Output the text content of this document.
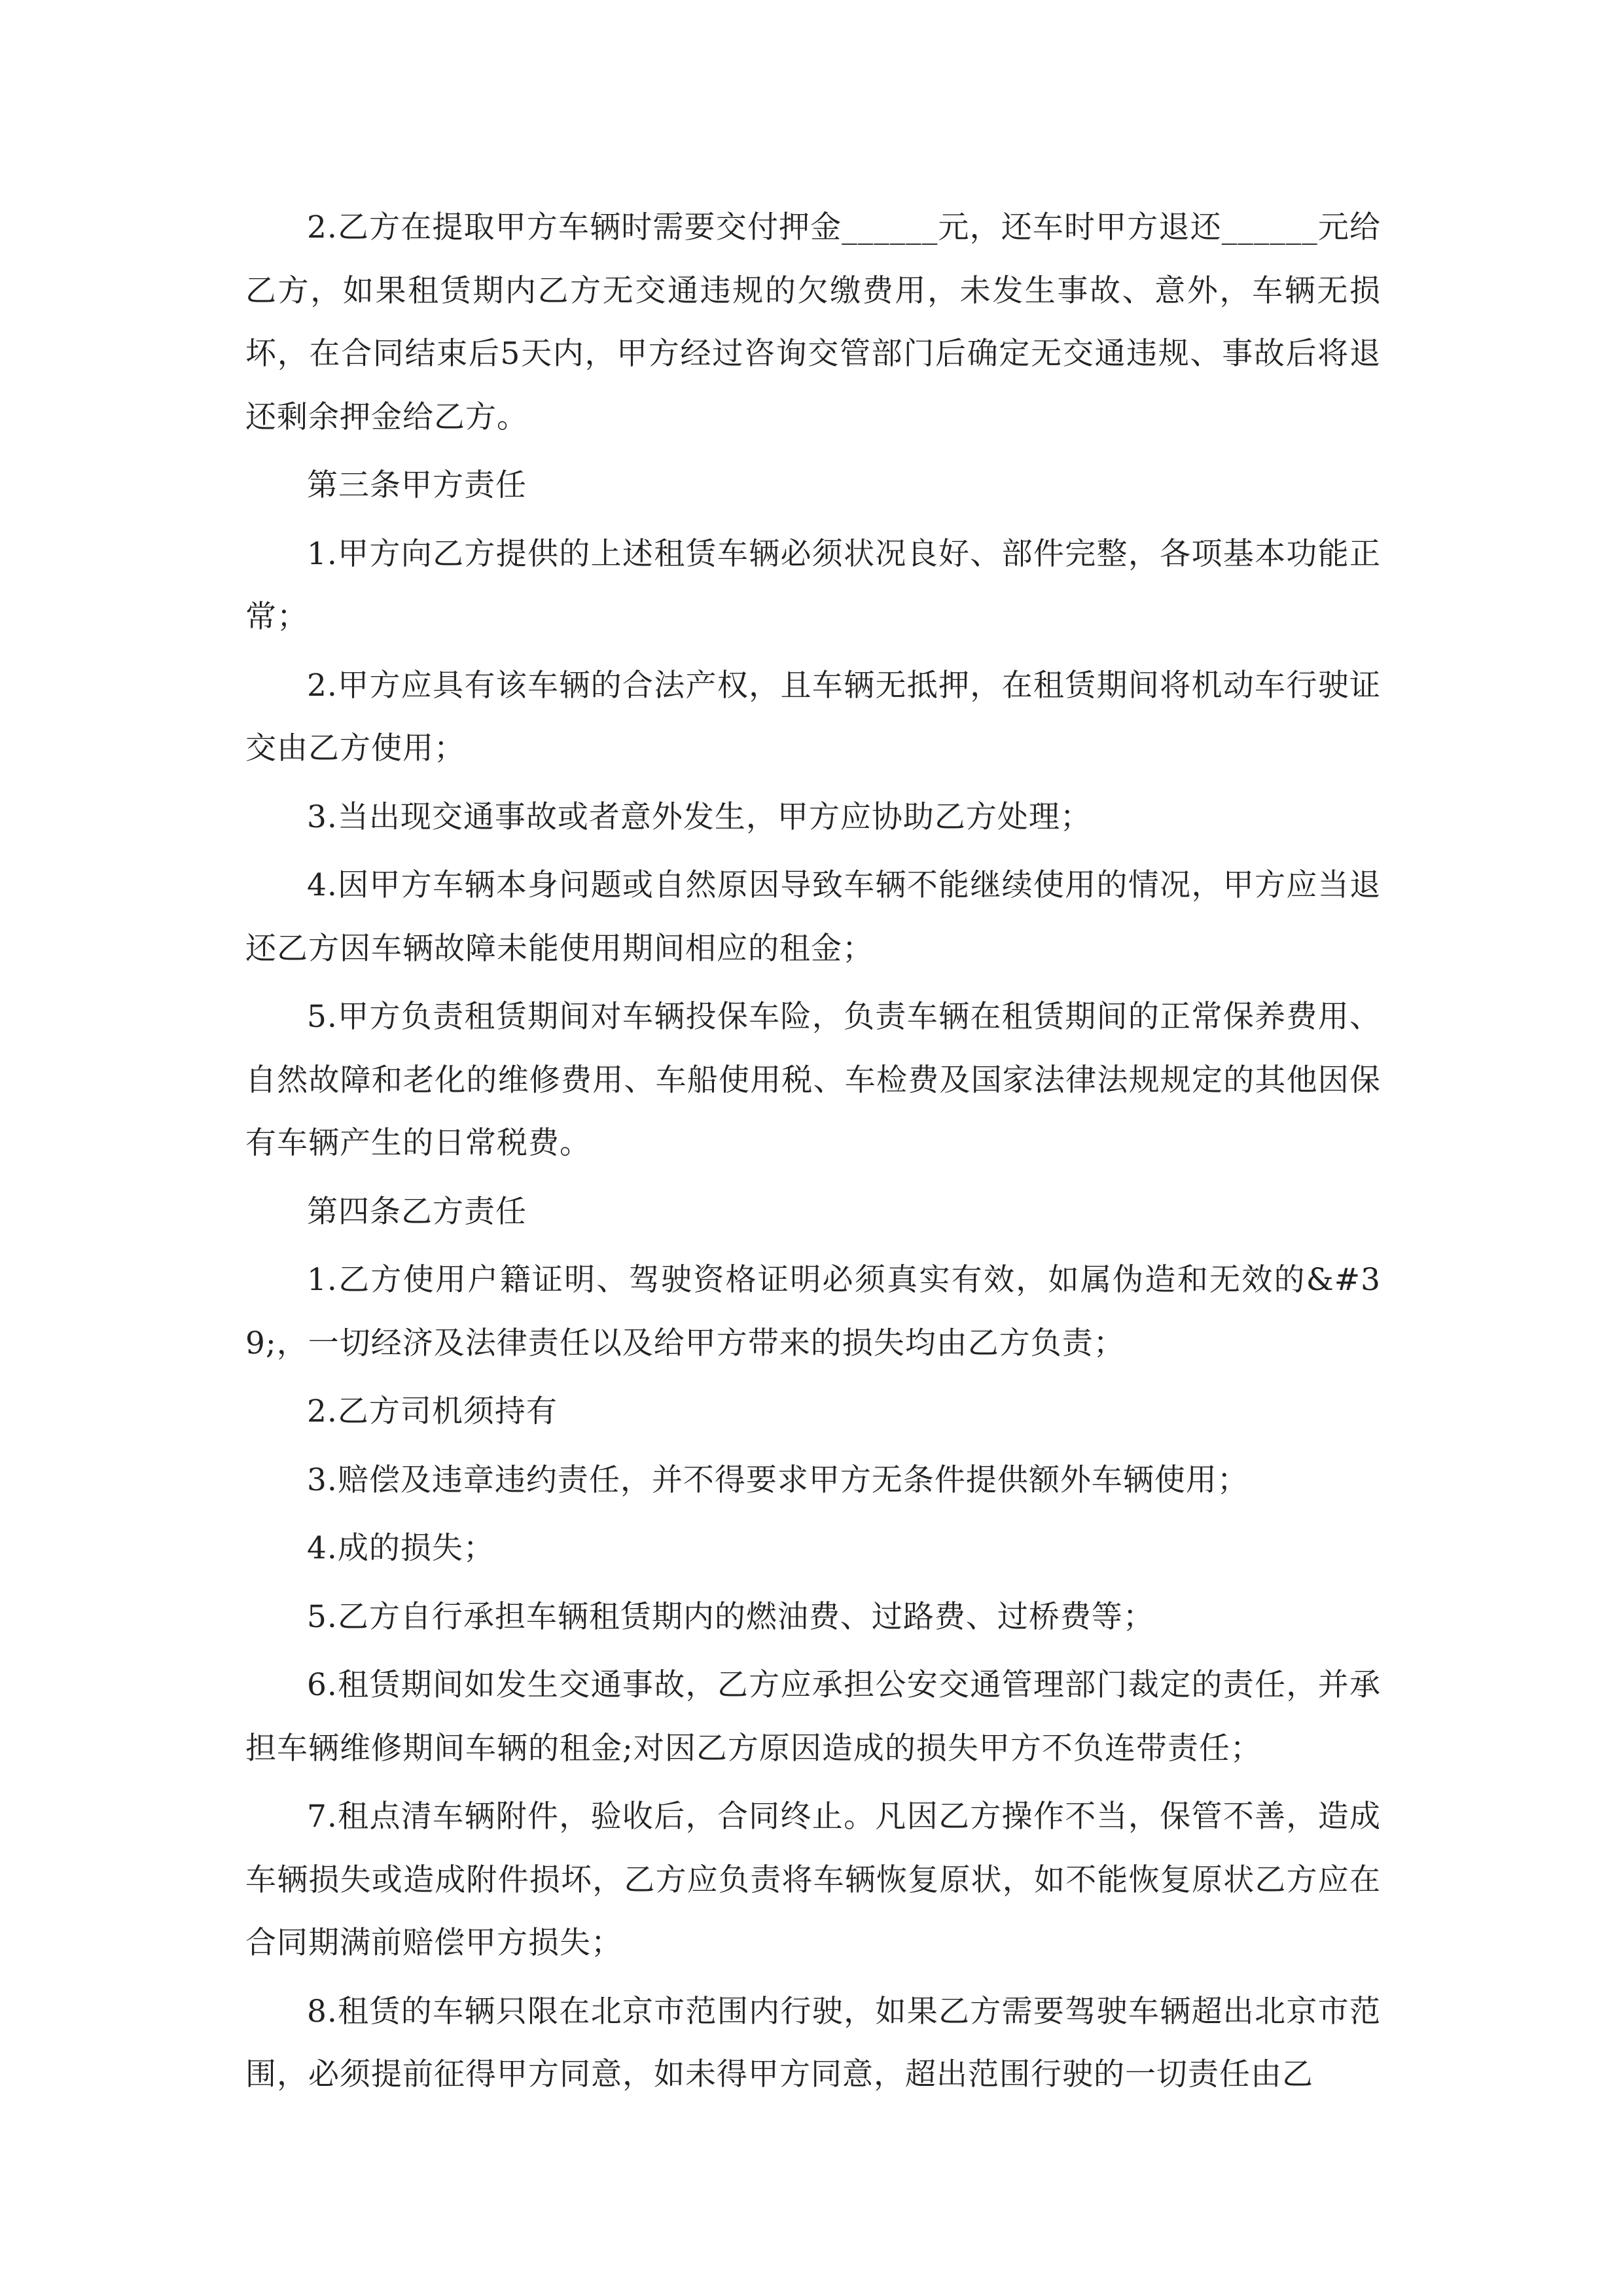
2.乙方在提取甲方车辆时需要交付押金______元，还车时甲方退还______元给乙方，如果租赁期内乙方无交通违规的欠缴费用，未发生事故、意外，车辆无损坏，在合同结束后5天内，甲方经过咨询交管部门后确定无交通违规、事故后将退还剩余押金给乙方。

第三条甲方责任

1.甲方向乙方提供的上述租赁车辆必须状况良好、部件完整，各项基本功能正常；

2.甲方应具有该车辆的合法产权，且车辆无抵押，在租赁期间将机动车行驶证交由乙方使用；

3.当出现交通事故或者意外发生，甲方应协助乙方处理；

4.因甲方车辆本身问题或自然原因导致车辆不能继续使用的情况，甲方应当退还乙方因车辆故障未能使用期间相应的租金；

5.甲方负责租赁期间对车辆投保车险，负责车辆在租赁期间的正常保养费用、自然故障和老化的维修费用、车船使用税、车检费及国家法律法规规定的其他因保有车辆产生的日常税费。

第四条乙方责任

1.乙方使用户籍证明、驾驶资格证明必须真实有效，如属伪造和无效的&#39;，一切经济及法律责任以及给甲方带来的损失均由乙方负责；

2.乙方司机须持有

3.赔偿及违章违约责任，并不得要求甲方无条件提供额外车辆使用；

4.成的损失；

5.乙方自行承担车辆租赁期内的燃油费、过路费、过桥费等；

6.租赁期间如发生交通事故，乙方应承担公安交通管理部门裁定的责任，并承担车辆维修期间车辆的租金;对因乙方原因造成的损失甲方不负连带责任；

7.租点清车辆附件，验收后，合同终止。凡因乙方操作不当，保管不善，造成车辆损失或造成附件损坏，乙方应负责将车辆恢复原状，如不能恢复原状乙方应在合同期满前赔偿甲方损失；

8.租赁的车辆只限在北京市范围内行驶，如果乙方需要驾驶车辆超出北京市范围，必须提前征得甲方同意，如未得甲方同意，超出范围行驶的一切责任由乙
